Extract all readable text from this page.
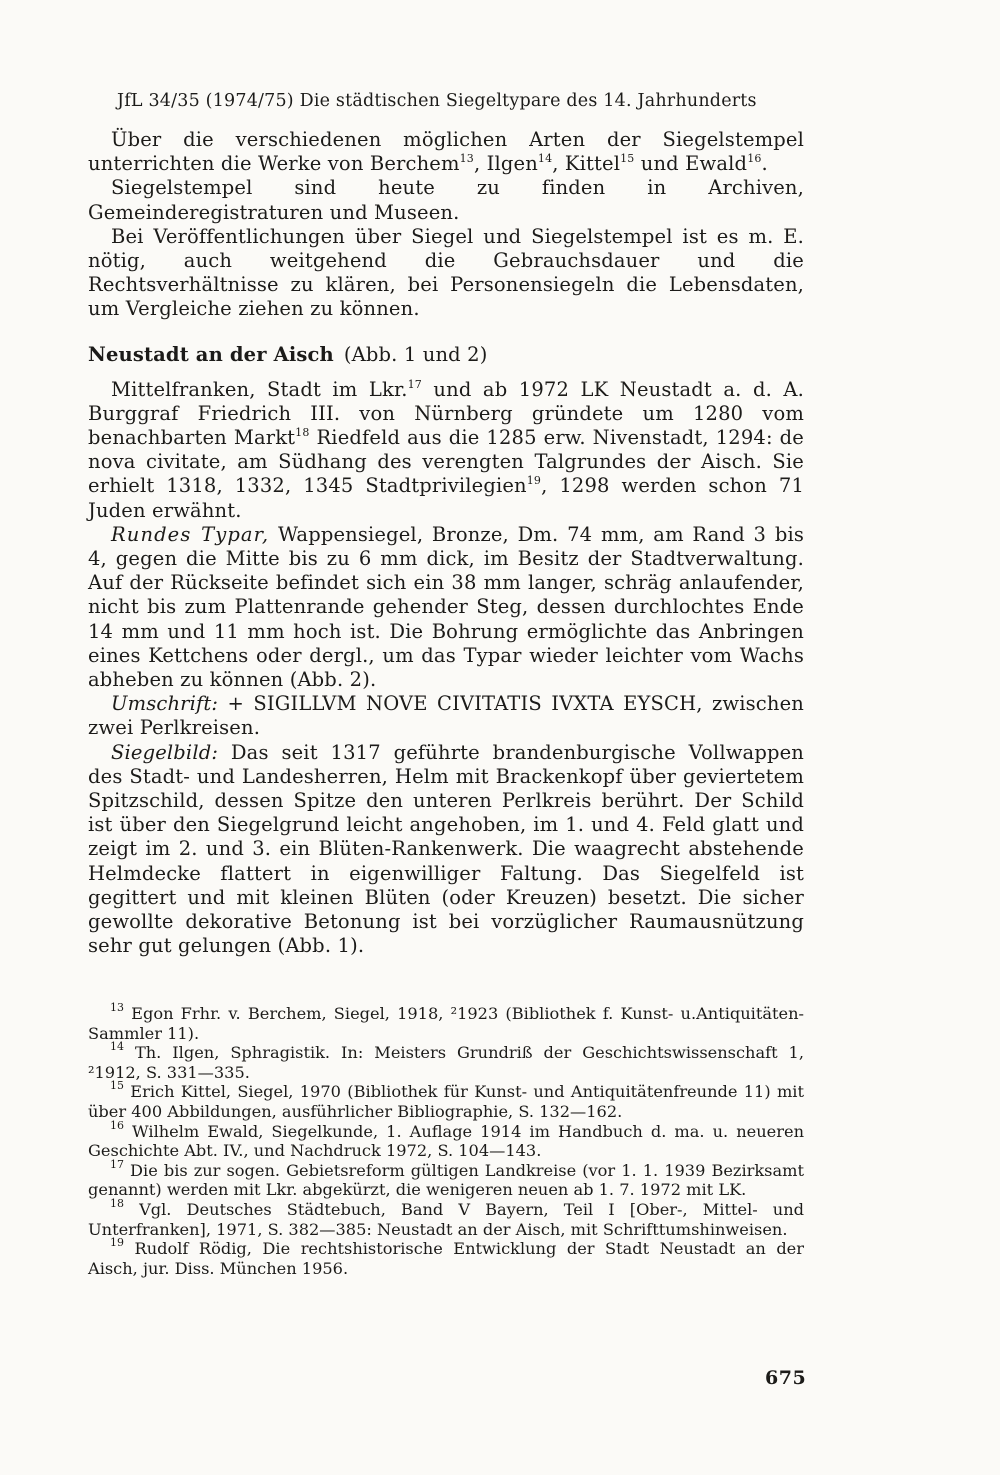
JfL 34/35 (1974/75) Die städtischen Siegeltypare des 14. Jahrhunderts

Über die verschiedenen möglichen Arten der Siegelstempel unterrichten die Werke von Berchem$^{13}$, Ilgen$^{14}$, Kittel$^{15}$ und Ewald$^{16}$.

Siegelstempel sind heute zu finden in Archiven, Gemeinderegistraturen und Museen.

Bei Veröffentlichungen über Siegel und Siegelstempel ist es m. E. nötig, auch weitgehend die Gebrauchsdauer und die Rechtsverhältnisse zu klären, bei Personensiegeln die Lebensdaten, um Vergleiche ziehen zu können.

Neustadt an der Aisch (Abb. 1 und 2)

Mittelfranken, Stadt im Lkr.$^{17}$ und ab 1972 LK Neustadt a. d. A. Burggraf Friedrich III. von Nürnberg gründete um 1280 vom benachbarten Markt$^{18}$ Riedfeld aus die 1285 erw. Nivenstadt, 1294: de nova civitate, am Südhang des verengten Talgrundes der Aisch. Sie erhielt 1318, 1332, 1345 Stadtprivilegien$^{19}$, 1298 werden schon 71 Juden erwähnt.

Rundes Typar, Wappensiegel, Bronze, Dm. 74 mm, am Rand 3 bis 4, gegen die Mitte bis zu 6 mm dick, im Besitz der Stadtverwaltung. Auf der Rückseite befindet sich ein 38 mm langer, schräg anlaufender, nicht bis zum Plattenrande gehender Steg, dessen durchlochtes Ende 14 mm und 11 mm hoch ist. Die Bohrung ermöglichte das Anbringen eines Kettchens oder dergl., um das Typar wieder leichter vom Wachs abheben zu können (Abb. 2).

Umschrift: + SIGILLVM NOVE CIVITATIS IVXTA EYSCH, zwischen zwei Perlkreisen.

Siegelbild: Das seit 1317 geführte brandenburgische Vollwappen des Stadt- und Landesherren, Helm mit Brackenkopf über geviertetem Spitzschild, dessen Spitze den unteren Perlkreis berührt. Der Schild ist über den Siegelgrund leicht angehoben, im 1. und 4. Feld glatt und zeigt im 2. und 3. ein Blüten-Rankenwerk. Die waagrecht abstehende Helmdecke flattert in eigenwilliger Faltung. Das Siegelfeld ist gegittert und mit kleinen Blüten (oder Kreuzen) besetzt. Die sicher gewollte dekorative Betonung ist bei vorzüglicher Raumausnützung sehr gut gelungen (Abb. 1).

$^{13}$ Egon Frhr. v. Berchem, Siegel, 1918, ²1923 (Bibliothek f. Kunst- u.Antiquitäten-Sammler 11).

$^{14}$ Th. Ilgen, Sphragistik. In: Meisters Grundriß der Geschichtswissenschaft 1, ²1912, S. 331—335.

$^{15}$ Erich Kittel, Siegel, 1970 (Bibliothek für Kunst- und Antiquitätenfreunde 11) mit über 400 Abbildungen, ausführlicher Bibliographie, S. 132—162.

$^{16}$ Wilhelm Ewald, Siegelkunde, 1. Auflage 1914 im Handbuch d. ma. u. neueren Geschichte Abt. IV., und Nachdruck 1972, S. 104—143.

$^{17}$ Die bis zur sogen. Gebietsreform gültigen Landkreise (vor 1. 1. 1939 Bezirksamt genannt) werden mit Lkr. abgekürzt, die wenigeren neuen ab 1. 7. 1972 mit LK.

$^{18}$ Vgl. Deutsches Städtebuch, Band V Bayern, Teil I [Ober-, Mittel- und Unterfranken], 1971, S. 382—385: Neustadt an der Aisch, mit Schrifttumshinweisen.

$^{19}$ Rudolf Rödig, Die rechtshistorische Entwicklung der Stadt Neustadt an der Aisch, jur. Diss. München 1956.

675
